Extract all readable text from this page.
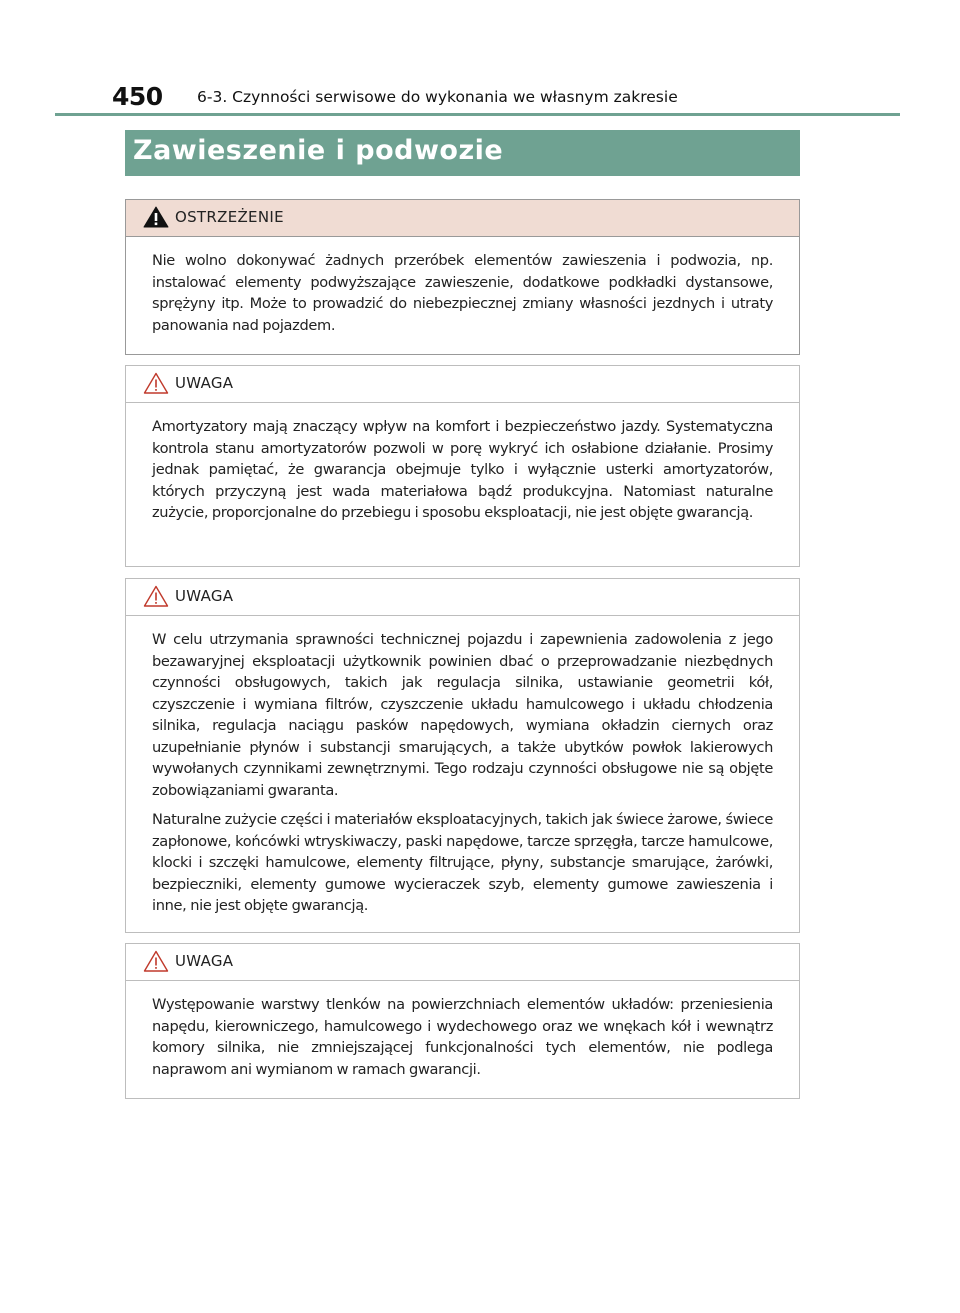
450 6-3. Czynności serwisowe do wykonania we własnym zakresie
Zawieszenie i podwozie
OSTRZEŻENIE

Nie wolno dokonywać żadnych przeróbek elementów zawieszenia i podwozia, np. instalować elementy podwyższające zawieszenie, dodatkowe podkładki dystansowe, sprężyny itp. Może to prowadzić do niebezpiecznej zmiany własności jezdnych i utraty panowania nad pojazdem.

UWAGA

Amortyzatory mają znaczący wpływ na komfort i bezpieczeństwo jazdy. Systematyczna kontrola stanu amortyzatorów pozwoli w porę wykryć ich osłabione działanie. Prosimy jednak pamiętać, że gwarancja obejmuje tylko i wyłącznie usterki amortyzatorów, których przyczyną jest wada materiałowa bądź produkcyjna. Natomiast naturalne zużycie, proporcjonalne do przebiegu i sposobu eksploatacji, nie jest objęte gwarancją.

UWAGA

W celu utrzymania sprawności technicznej pojazdu i zapewnienia zadowolenia z jego bezawaryjnej eksploatacji użytkownik powinien dbać o przeprowadzanie niezbędnych czynności obsługowych, takich jak regulacja silnika, ustawianie geometrii kół, czyszczenie i wymiana filtrów, czyszczenie układu hamulcowego i układu chłodzenia silnika, regulacja naciągu pasków napędowych, wymiana okładzin ciernych oraz uzupełnianie płynów i substancji smarujących, a także ubytków powłok lakierowych wywołanych czynnikami zewnętrznymi. Tego rodzaju czynności obsługowe nie są objęte zobowiązaniami gwaranta.

Naturalne zużycie części i materiałów eksploatacyjnych, takich jak świece żarowe, świece zapłonowe, końcówki wtryskiwaczy, paski napędowe, tarcze sprzęgła, tarcze hamulcowe, klocki i szczęki hamulcowe, elementy filtrujące, płyny, substancje smarujące, żarówki, bezpieczniki, elementy gumowe wycieraczek szyb, elementy gumowe zawieszenia i inne, nie jest objęte gwarancją.

UWAGA

Występowanie warstwy tlenków na powierzchniach elementów układów: przeniesienia napędu, kierowniczego, hamulcowego i wydechowego oraz we wnękach kół i wewnątrz komory silnika, nie zmniejszającej funkcjonalności tych elementów, nie podlega naprawom ani wymianom w ramach gwarancji.
